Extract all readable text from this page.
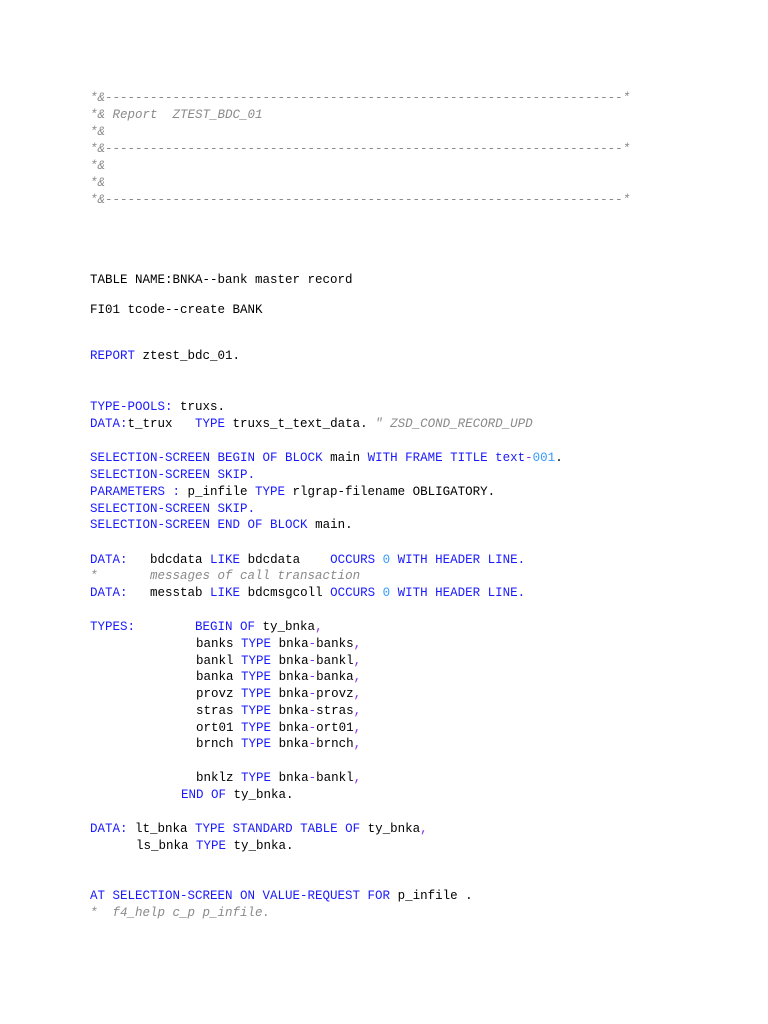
*&---------------------------------------------------------------------*
*& Report  ZTEST_BDC_01
*&
*&---------------------------------------------------------------------*
*&
*&
*&---------------------------------------------------------------------*
TABLE NAME:BNKA--bank master record
FI01 tcode--create BANK
REPORT ztest_bdc_01.
TYPE-POOLS: truxs.
DATA:t_trux   TYPE truxs_t_text_data. " ZSD_COND_RECORD_UPD
SELECTION-SCREEN BEGIN OF BLOCK main WITH FRAME TITLE text-001.
SELECTION-SCREEN SKIP.
PARAMETERS : p_infile TYPE rlgrap-filename OBLIGATORY.
SELECTION-SCREEN SKIP.
SELECTION-SCREEN END OF BLOCK main.
DATA: bdcdata LIKE bdcdata    OCCURS 0 WITH HEADER LINE.
*	messages of call transaction
DATA: messtab LIKE bdcmsgcoll OCCURS 0 WITH HEADER LINE.
TYPES:	BEGIN OF ty_bnka,
banks TYPE bnka-banks,
bankl TYPE bnka-bankl,
banka TYPE bnka-banka,
provz TYPE bnka-provz,
stras TYPE bnka-stras,
ort01 TYPE bnka-ort01,
brnch TYPE bnka-brnch,
bnklz TYPE bnka-bankl,
END OF ty_bnka.
DATA: lt_bnka TYPE STANDARD TABLE OF ty_bnka,
ls_bnka TYPE ty_bnka.
AT SELECTION-SCREEN ON VALUE-REQUEST FOR p_infile .
*  f4_help c_p p_infile.
